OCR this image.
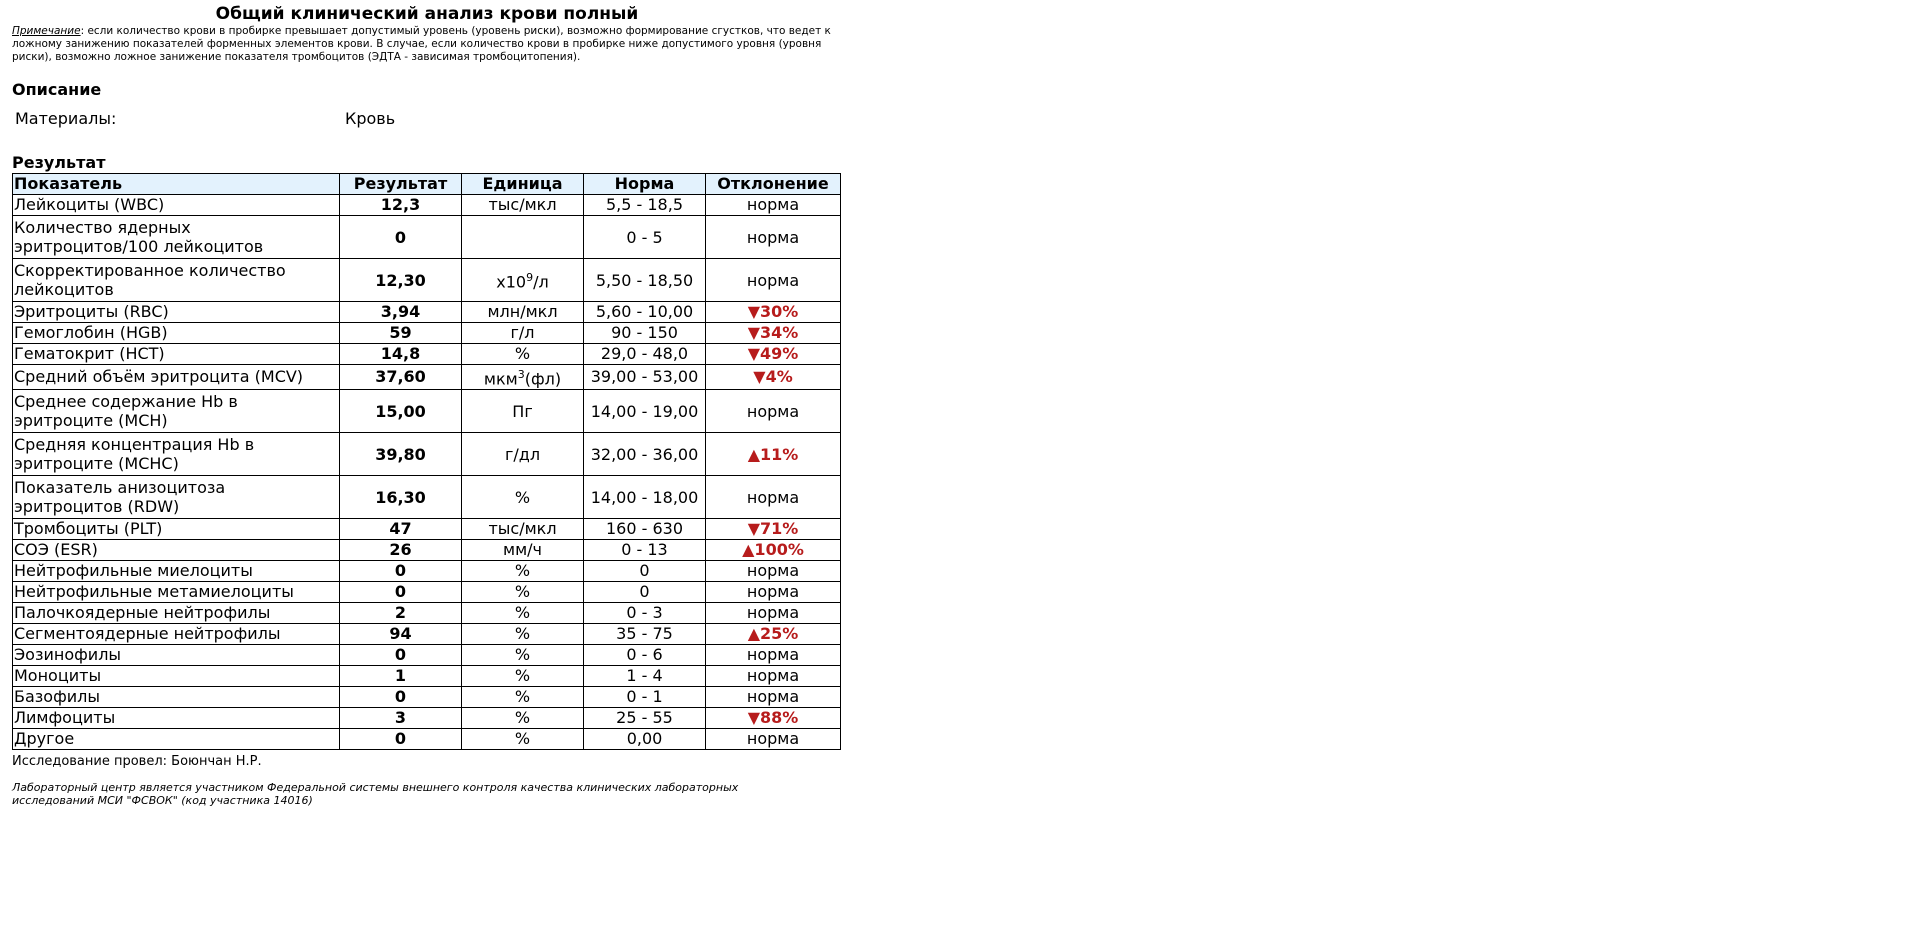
Общий клинический анализ крови полный
Примечание: если количество крови в пробирке превышает допустимый уровень (уровень риски), возможно формирование сгустков, что ведет к ложному занижению показателей форменных элементов крови. В случае, если количество крови в пробирке ниже допустимого уровня (уровня риски), возможно ложное занижение показателя тромбоцитов (ЭДТА - зависимая тромбоцитопения).
Описание
Материалы:	Кровь
Результат
Показатель	Результат	Единица	Норма	Отклонение
Лейкоциты (WBC)	12,3	тыс/мкл	5,5 - 18,5	норма
Количество ядерных эритроцитов/100 лейкоцитов	0		0 - 5	норма
Скорректированное количество лейкоцитов	12,30	$x10^9/л$	5,50 - 18,50	норма
Эритроциты (RBC)	3,94	млн/мкл	5,60 - 10,00	▼30%
Гемоглобин (HGB)	59	г/л	90 - 150	▼34%
Гематокрит (HCT)	14,8	%	29,0 - 48,0	▼49%
Средний объём эритроцита (MCV)	37,60	мкм$^3$(фл)	39,00 - 53,00	▼4%
Среднее содержание Hb в эритроците (MCH)	15,00	Пг	14,00 - 19,00	норма
Средняя концентрация Hb в эритроците (MCHC)	39,80	г/дл	32,00 - 36,00	▲11%
Показатель анизоцитоза эритроцитов (RDW)	16,30	%	14,00 - 18,00	норма
Тромбоциты (PLT)	47	тыс/мкл	160 - 630	▼71%
СОЭ (ESR)	26	мм/ч	0 - 13	▲100%
Нейтрофильные миелоциты	0	%	0	норма
Нейтрофильные метамиелоциты	0	%	0	норма
Палочкоядерные нейтрофилы	2	%	0 - 3	норма
Сегментоядерные нейтрофилы	94	%	35 - 75	▲25%
Эозинофилы	0	%	0 - 6	норма
Моноциты	1	%	1 - 4	норма
Базофилы	0	%	0 - 1	норма
Лимфоциты	3	%	25 - 55	▼88%
Другое	0	%	0,00	норма
Исследование провел: Боюнчан Н.Р.
Лабораторный центр является участником Федеральной системы внешнего контроля качества клинических лабораторных исследований МСИ "ФСВОК" (код участника 14016)
